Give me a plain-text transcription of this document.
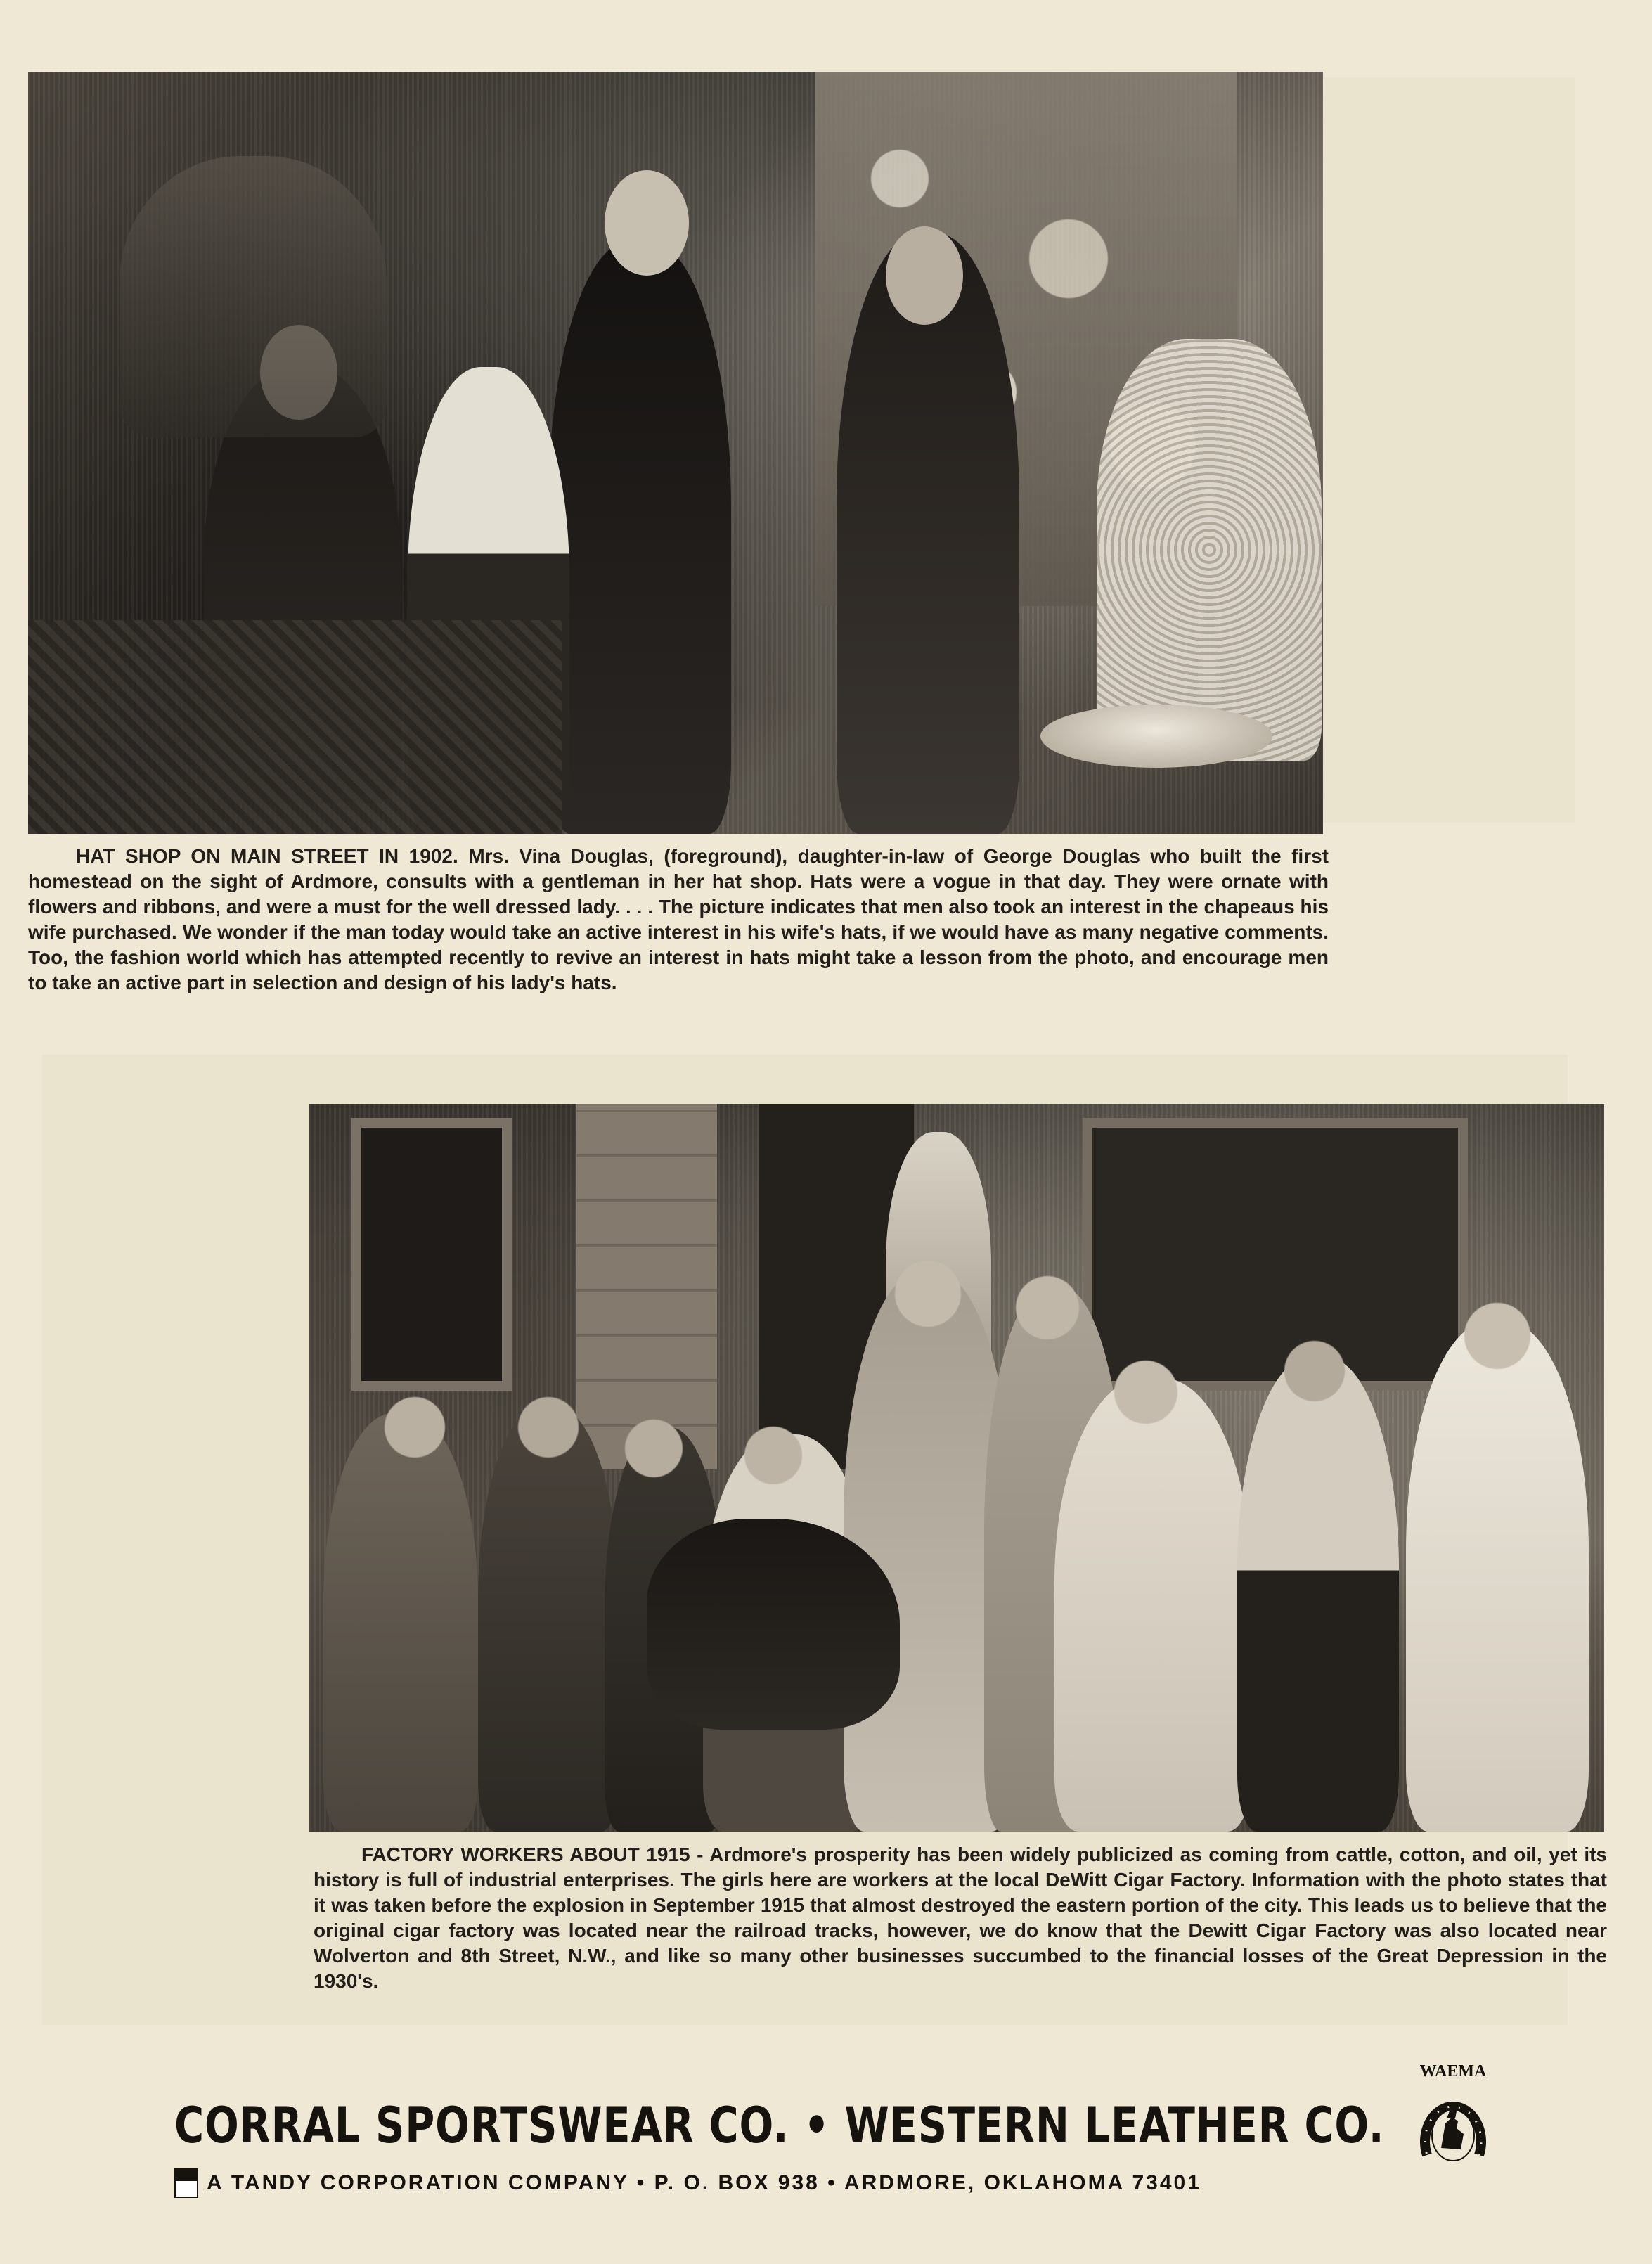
HAT SHOP ON MAIN STREET IN 1902. Mrs. Vina Douglas, (foreground), daughter-in-law of George Douglas who built the first homestead on the sight of Ardmore, consults with a gentleman in her hat shop. Hats were a vogue in that day. They were ornate with flowers and ribbons, and were a must for the well dressed lady. . . . The picture indicates that men also took an interest in the chapeaus his wife purchased. We wonder if the man today would take an active interest in his wife's hats, if we would have as many negative comments. Too, the fashion world which has attempted recently to revive an interest in hats might take a lesson from the photo, and encourage men to take an active part in selection and design of his lady's hats.

FACTORY WORKERS ABOUT 1915 - Ardmore's prosperity has been widely publicized as coming from cattle, cotton, and oil, yet its history is full of industrial enterprises. The girls here are workers at the local DeWitt Cigar Factory. Information with the photo states that it was taken before the explosion in September 1915 that almost destroyed the eastern portion of the city. This leads us to believe that the original cigar factory was located near the railroad tracks, however, we do know that the Dewitt Cigar Factory was also located near Wolverton and 8th Street, N.W., and like so many other businesses succumbed to the financial losses of the Great Depression in the 1930's.

CORRAL SPORTSWEAR CO. • WESTERN LEATHER CO.
A TANDY CORPORATION COMPANY • P. O. BOX 938 • ARDMORE, OKLAHOMA 73401
WAEMA
